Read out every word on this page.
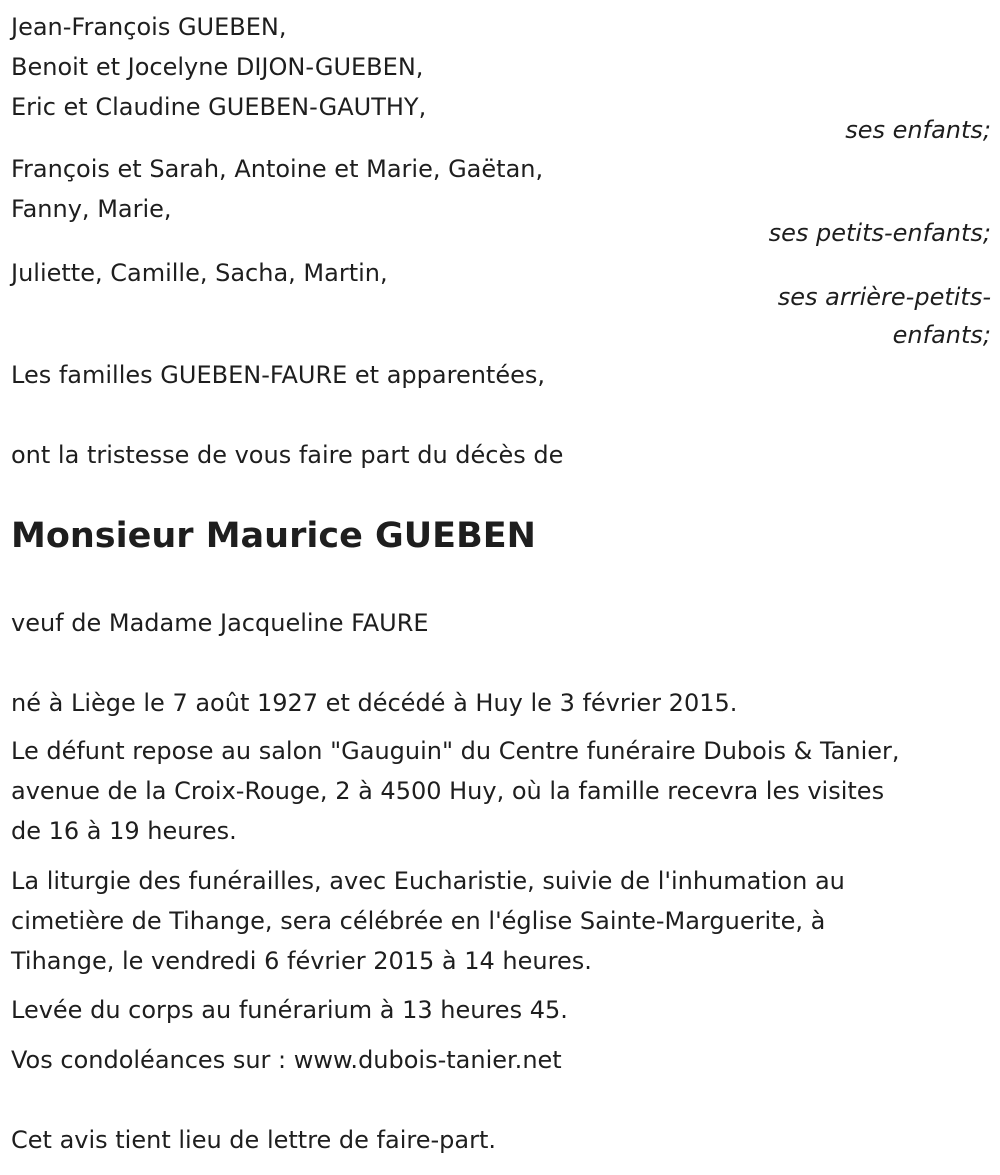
Jean-François GUEBEN,
Benoit et Jocelyne DIJON-GUEBEN,
Eric et Claudine GUEBEN-GAUTHY,
ses enfants;
François et Sarah, Antoine et Marie, Gaëtan,
Fanny, Marie,
ses petits-enfants;
Juliette, Camille, Sacha, Martin,
ses arrière-petits-
enfants;
Les familles GUEBEN-FAURE et apparentées,
ont la tristesse de vous faire part du décès de
Monsieur Maurice GUEBEN
veuf de Madame Jacqueline FAURE
né à Liège le 7 août 1927 et décédé à Huy le 3 février 2015.
Le défunt repose au salon "Gauguin" du Centre funéraire Dubois & Tanier,
avenue de la Croix-Rouge, 2 à 4500 Huy, où la famille recevra les visites
de 16 à 19 heures.
La liturgie des funérailles, avec Eucharistie, suivie de l'inhumation au
cimetière de Tihange, sera célébrée en l'église Sainte-Marguerite, à
Tihange, le vendredi 6 février 2015 à 14 heures.
Levée du corps au funérarium à 13 heures 45.
Vos condoléances sur : www.dubois-tanier.net
Cet avis tient lieu de lettre de faire-part.
